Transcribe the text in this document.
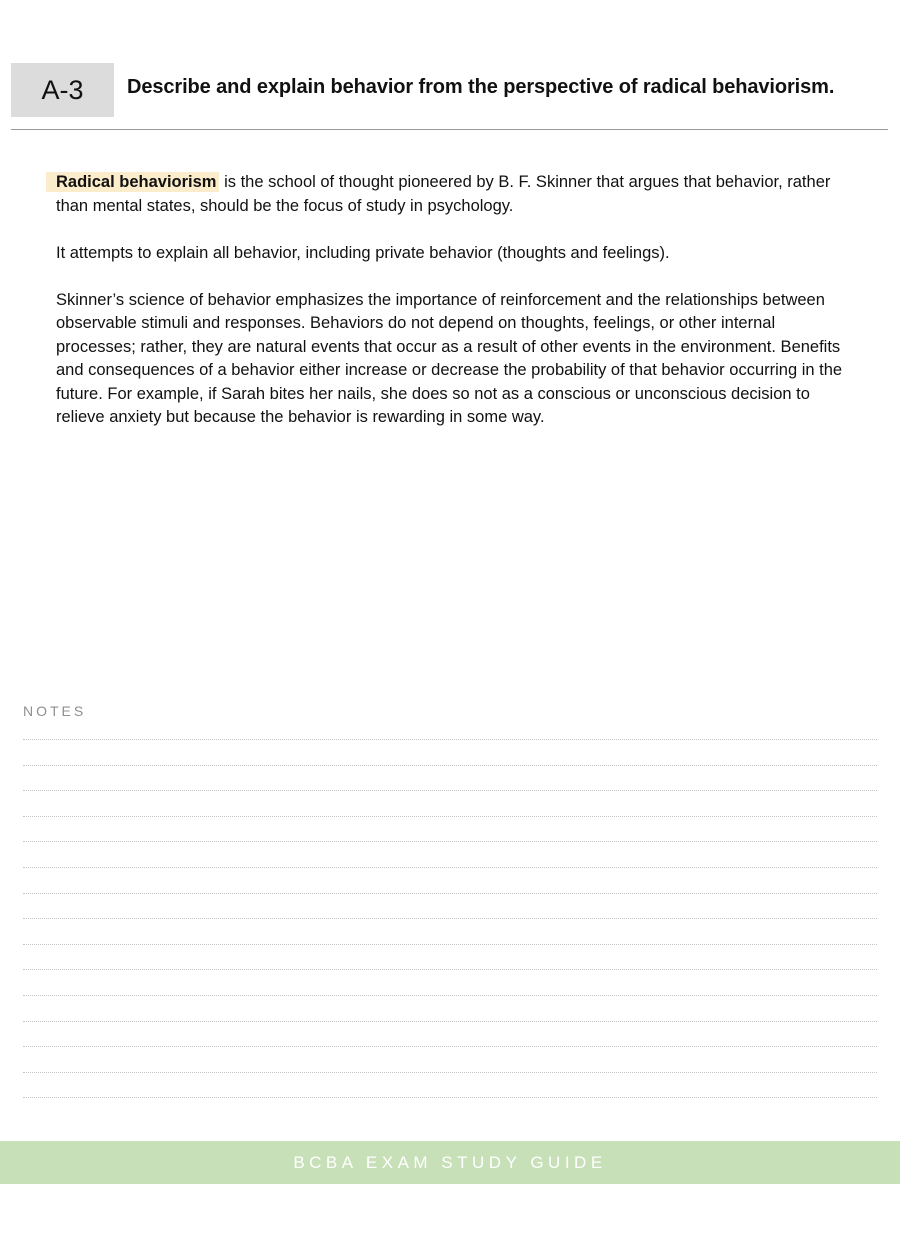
A-3 Describe and explain behavior from the perspective of radical behaviorism.

Radical behaviorism is the school of thought pioneered by B. F. Skinner that argues that behavior, rather than mental states, should be the focus of study in psychology.

It attempts to explain all behavior, including private behavior (thoughts and feelings).

Skinner’s science of behavior emphasizes the importance of reinforcement and the relationships between observable stimuli and responses. Behaviors do not depend on thoughts, feelings, or other internal processes; rather, they are natural events that occur as a result of other events in the environment. Benefits and consequences of a behavior either increase or decrease the probability of that behavior occurring in the future. For example, if Sarah bites her nails, she does so not as a conscious or unconscious decision to relieve anxiety but because the behavior is rewarding in some way.

NOTES
BCBA EXAM STUDY GUIDE
